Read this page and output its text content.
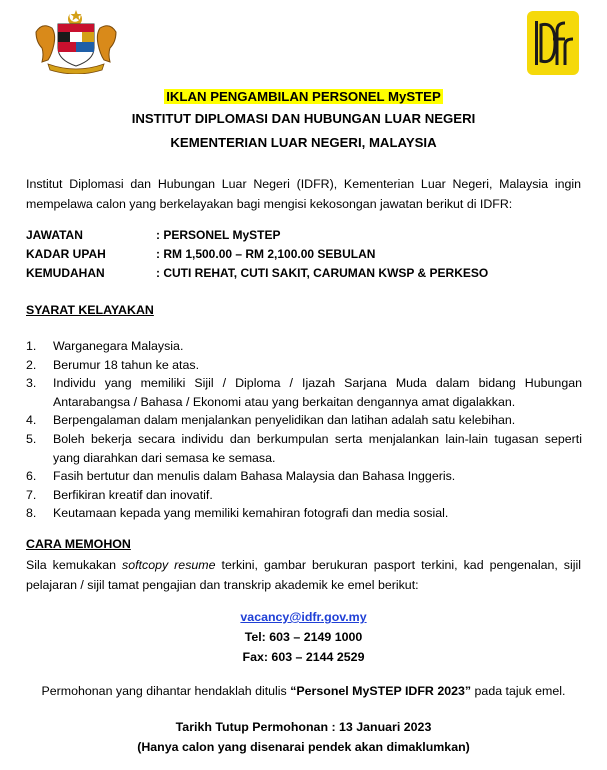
IKLAN PENGAMBILAN PERSONEL MySTEP
INSTITUT DIPLOMASI DAN HUBUNGAN LUAR NEGERI
KEMENTERIAN LUAR NEGERI, MALAYSIA
Institut Diplomasi dan Hubungan Luar Negeri (IDFR), Kementerian Luar Negeri, Malaysia ingin mempelawa calon yang berkelayakan bagi mengisi kekosongan jawatan berikut di IDFR:
JAWATAN	: PERSONEL MySTEP
KADAR UPAH	: RM 1,500.00 – RM 2,100.00 SEBULAN
KEMUDAHAN	: CUTI REHAT, CUTI SAKIT, CARUMAN KWSP & PERKESO
SYARAT KELAYAKAN
1. Warganegara Malaysia.
2. Berumur 18 tahun ke atas.
3. Individu yang memiliki Sijil / Diploma / Ijazah Sarjana Muda dalam bidang Hubungan Antarabangsa / Bahasa / Ekonomi atau yang berkaitan dengannya amat digalakkan.
4. Berpengalaman dalam menjalankan penyelidikan dan latihan adalah satu kelebihan.
5. Boleh bekerja secara individu dan berkumpulan serta menjalankan lain-lain tugasan seperti yang diarahkan dari semasa ke semasa.
6. Fasih bertutur dan menulis dalam Bahasa Malaysia dan Bahasa Inggeris.
7. Berfikiran kreatif dan inovatif.
8. Keutamaan kepada yang memiliki kemahiran fotografi dan media sosial.
CARA MEMOHON
Sila kemukakan softcopy resume terkini, gambar berukuran pasport terkini, kad pengenalan, sijil pelajaran / sijil tamat pengajian dan transkrip akademik ke emel berikut:
vacancy@idfr.gov.my
Tel: 603 – 2149 1000
Fax: 603 – 2144 2529
Permohonan yang dihantar hendaklah ditulis “Personel MySTEP IDFR 2023” pada tajuk emel.
Tarikh Tutup Permohonan : 13 Januari 2023
(Hanya calon yang disenarai pendek akan dimaklumkan)
